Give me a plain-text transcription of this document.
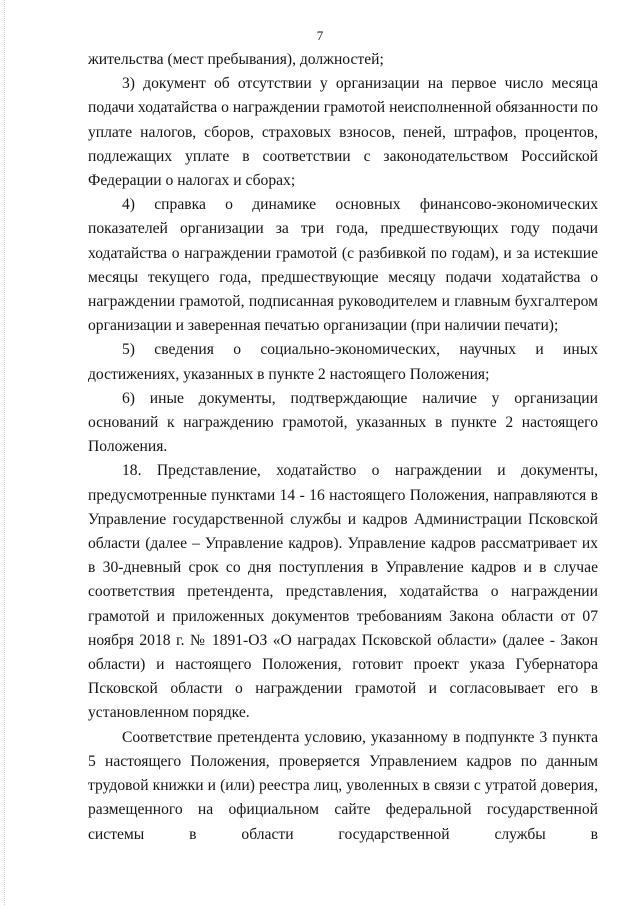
7

жительства (мест пребывания), должностей;

3) документ об отсутствии у организации на первое число месяца подачи ходатайства о награждении грамотой неисполненной обязанности по уплате налогов, сборов, страховых взносов, пеней, штрафов, процентов, подлежащих уплате в соответствии с законодательством Российской Федерации о налогах и сборах;

4) справка о динамике основных финансово-экономических показателей организации за три года, предшествующих году подачи ходатайства о награждении грамотой (с разбивкой по годам), и за истекшие месяцы текущего года, предшествующие месяцу подачи ходатайства о награждении грамотой, подписанная руководителем и главным бухгалтером организации и заверенная печатью организации (при наличии печати);

5) сведения о социально-экономических, научных и иных достижениях, указанных в пункте 2 настоящего Положения;

6) иные документы, подтверждающие наличие у организации оснований к награждению грамотой, указанных в пункте 2 настоящего Положения.

18. Представление, ходатайство о награждении и документы, предусмотренные пунктами 14 - 16 настоящего Положения, направляются в Управление государственной службы и кадров Администрации Псковской области (далее – Управление кадров). Управление кадров рассматривает их в 30-дневный срок со дня поступления в Управление кадров и в случае соответствия претендента, представления, ходатайства о награждении грамотой и приложенных документов требованиям Закона области от 07 ноября 2018 г. № 1891-ОЗ «О наградах Псковской области» (далее - Закон области) и настоящего Положения, готовит проект указа Губернатора Псковской области о награждении грамотой и согласовывает его в установленном порядке.

Соответствие претендента условию, указанному в подпункте 3 пункта 5 настоящего Положения, проверяется Управлением кадров по данным трудовой книжки и (или) реестра лиц, уволенных в связи с утратой доверия, размещенного на официальном сайте федеральной государственной системы в области государственной службы в
